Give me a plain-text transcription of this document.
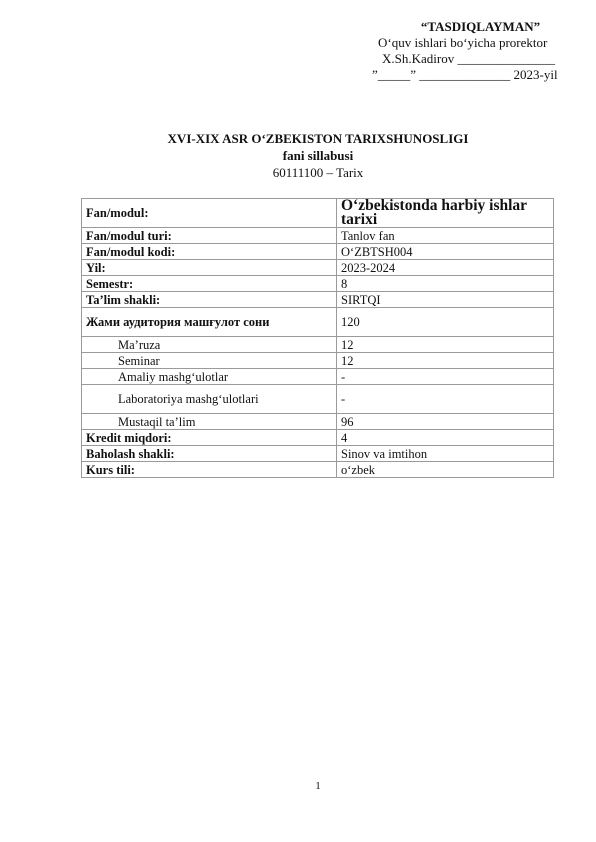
“TASDIQLAYMAN”
O‘quv ishlari bo‘yicha prorektor
X.Sh.Kadirov _______________
”_____” ______________ 2023-yil
XVI-XIX ASR O‘ZBEKISTON TARIXSHUNOSLIGI
fani sillabusi
60111100 – Tarix
Fan/modul:	O‘zbekistonda harbiy ishlar tarixi
Fan/modul turi:	Tanlov fan
Fan/modul kodi:	O‘ZBTSH004
Yil:	2023-2024
Semestr:	8
Ta’lim shakli:	SIRTQI
Жами аудитория машғулот сони	120
Ma’ruza	12
Seminar	12
Amaliy mashg‘ulotlar	-
Laboratoriya mashg‘ulotlari	-
Mustaqil ta’lim	96
Kredit miqdori:	4
Baholash shakli:	Sinov va imtihon
Kurs tili:	o‘zbek
1
